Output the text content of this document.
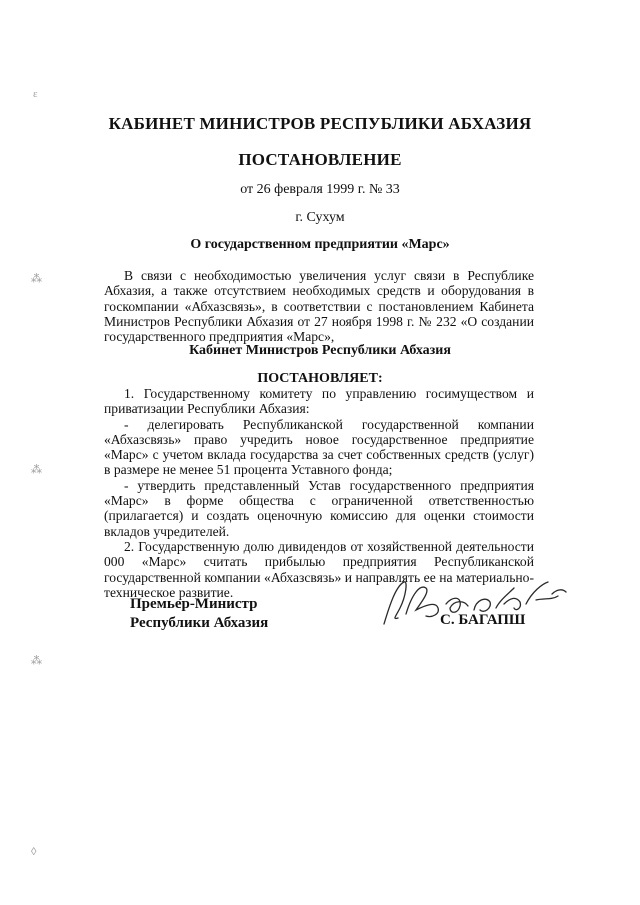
КАБИНЕТ МИНИСТРОВ РЕСПУБЛИКИ АБХАЗИЯ
ПОСТАНОВЛЕНИЕ
от 26 февраля 1999 г. № 33
г. Сухум
О государственном предприятии «Марс»

В связи с необходимостью увеличения услуг связи в Республике Абхазия, а также отсутствием необходимых средств и оборудования в госкомпании «Абхазсвязь», в соответствии с постановлением Кабинета Министров Республики Абхазия от 27 ноября 1998 г. № 232 «О создании государственного предприятия «Марс»,

Кабинет Министров Республики Абхазия
ПОСТАНОВЛЯЕТ:

1. Государственному комитету по управлению госимуществом и приватизации Республики Абхазия:

- делегировать Республиканской государственной компании «Абхазсвязь» право учредить новое государственное предприятие «Марс» с учетом вклада государства за счет собственных средств (услуг) в размере не менее 51 процента Уставного фонда;

- утвердить представленный Устав государственного предприятия «Марс» в форме общества с ограниченной ответственностью (прилагается) и создать оценочную комиссию для оценки стоимости вкладов учредителей.

2. Государственную долю дивидендов от хозяйственной деятельности 000 «Марс» считать прибылью предприятия Республиканской государственной компании «Абхазсвязь» и направлять ее на материально-техническое развитие.

Премьер-Министр
Республики Абхазия	С. БАГАПШ
ε
⁂
⁂
⁂
◊
